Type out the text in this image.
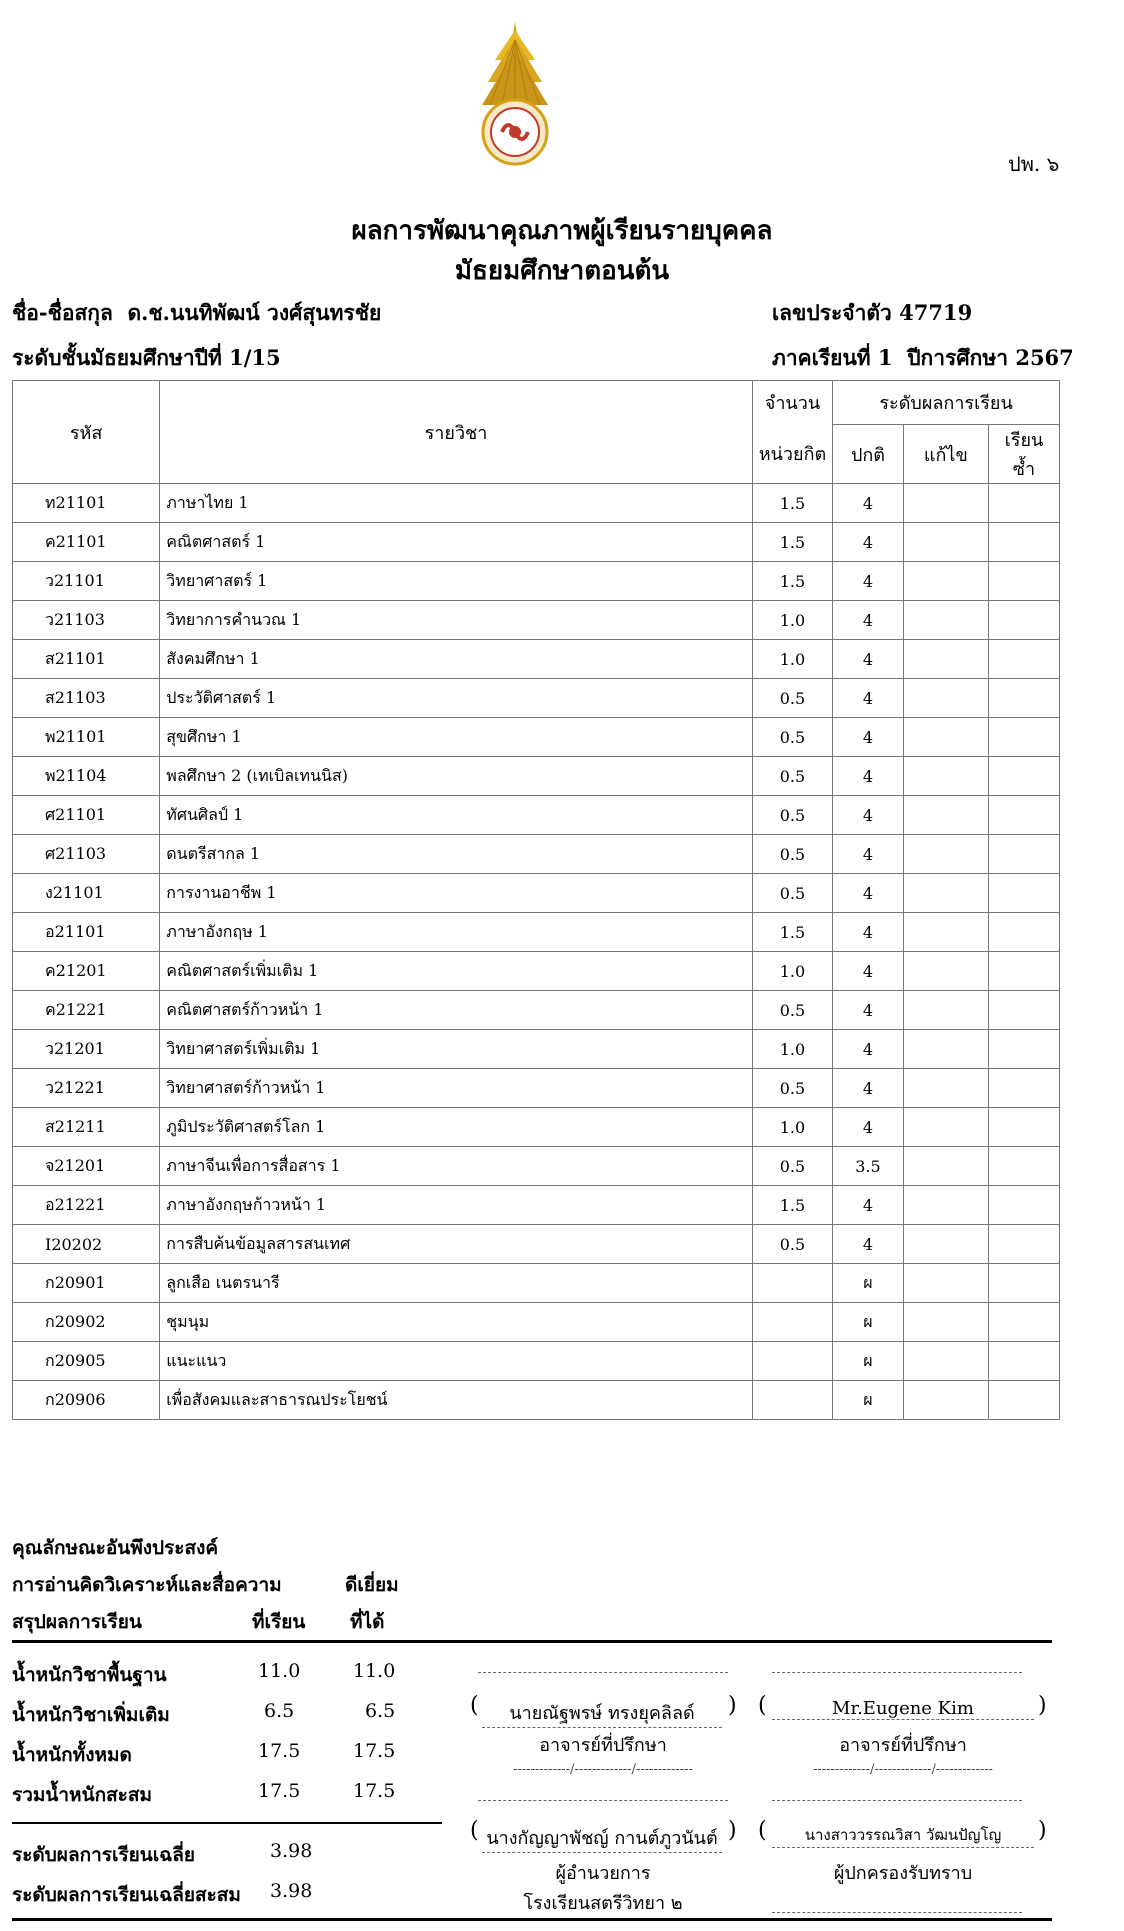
ปพ. ๖
ผลการพัฒนาคุณภาพผู้เรียนรายบุคคล
มัธยมศึกษาตอนต้น
ชื่อ-ชื่อสกุล ด.ช.นนทิพัฒน์ วงศ์สุนทรชัย	เลขประจำตัว 47719
ระดับชั้นมัธยมศึกษาปีที่ 1/15	ภาคเรียนที่ 1 ปีการศึกษา 2567
รหัส	รายวิชา	จำนวน	ระดับผลการเรียน		
		หน่วยกิต	ปกติ	แก้ไข	เรียนซ้ำ
ท21101	ภาษาไทย 1	1.5	4		
ค21101	คณิตศาสตร์ 1	1.5	4		
ว21101	วิทยาศาสตร์ 1	1.5	4		
ว21103	วิทยาการคำนวณ 1	1.0	4		
ส21101	สังคมศึกษา 1	1.0	4		
ส21103	ประวัติศาสตร์ 1	0.5	4		
พ21101	สุขศึกษา 1	0.5	4		
พ21104	พลศึกษา 2 (เทเบิลเทนนิส)	0.5	4		
ศ21101	ทัศนศิลป์ 1	0.5	4		
ศ21103	ดนตรีสากล 1	0.5	4		
ง21101	การงานอาชีพ 1	0.5	4		
อ21101	ภาษาอังกฤษ 1	1.5	4		
ค21201	คณิตศาสตร์เพิ่มเติม 1	1.0	4		
ค21221	คณิตศาสตร์ก้าวหน้า 1	0.5	4		
ว21201	วิทยาศาสตร์เพิ่มเติม 1	1.0	4		
ว21221	วิทยาศาสตร์ก้าวหน้า 1	0.5	4		
ส21211	ภูมิประวัติศาสตร์โลก 1	1.0	4		
จ21201	ภาษาจีนเพื่อการสื่อสาร 1	0.5	3.5		
อ21221	ภาษาอังกฤษก้าวหน้า 1	1.5	4		
I20202	การสืบค้นข้อมูลสารสนเทศ	0.5	4		
ก20901	ลูกเสือ เนตรนารี		ผ		
ก20902	ชุมนุม		ผ		
ก20905	แนะแนว		ผ		
ก20906	เพื่อสังคมและสาธารณประโยชน์		ผ		
คุณลักษณะอันพึงประสงค์
การอ่านคิดวิเคราะห์และสื่อความ	ดีเยี่ยม
สรุปผลการเรียน	ที่เรียน ที่ได้
น้ำหนักวิชาพื้นฐาน	11.0	11.0
น้ำหนักวิชาเพิ่มเติม	6.5	6.5
น้ำหนักทั้งหมด	17.5	17.5
รวมน้ำหนักสะสม	17.5	17.5
ระดับผลการเรียนเฉลี่ย	3.98
ระดับผลการเรียนเฉลี่ยสะสม 3.98
(	นายณัฐพรษ์ ทรงยุคลิลด์	) (	Mr.Eugene Kim	)
อาจารย์ที่ปรึกษา	อาจารย์ที่ปรึกษา
-------------/-------------/-------------	-------------/-------------/-------------
( นางกัญญาพัชญ์ กานต์ภูวนันต์ ) (	นางสาววรรณวิสา วัฒนปัญโญ	)
ผู้อำนวยการ	ผู้ปกครองรับทราบ
โรงเรียนสตรีวิทยา ๒
